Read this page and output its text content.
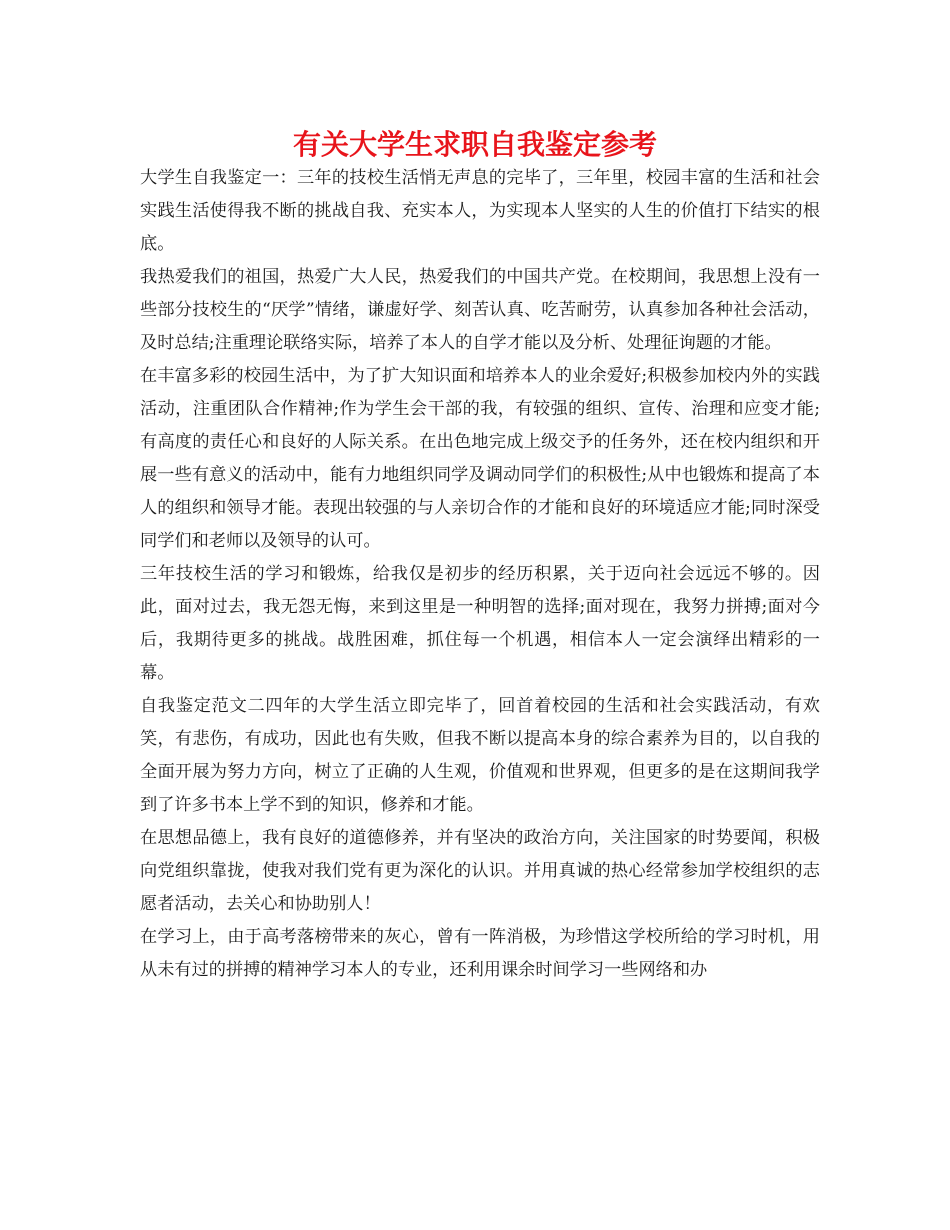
有关大学生求职自我鉴定参考

大学生自我鉴定一：三年的技校生活悄无声息的完毕了，三年里，校园丰富的生活和社会实践生活使得我不断的挑战自我、充实本人，为实现本人坚实的人生的价值打下结实的根底。

我热爱我们的祖国，热爱广大人民，热爱我们的中国共产党。在校期间，我思想上没有一些部分技校生的“厌学”情绪，谦虚好学、刻苦认真、吃苦耐劳，认真参加各种社会活动，及时总结;注重理论联络实际，培养了本人的自学才能以及分析、处理征询题的才能。

在丰富多彩的校园生活中，为了扩大知识面和培养本人的业余爱好;积极参加校内外的实践活动，注重团队合作精神;作为学生会干部的我，有较强的组织、宣传、治理和应变才能;有高度的责任心和良好的人际关系。在出色地完成上级交予的任务外，还在校内组织和开展一些有意义的活动中，能有力地组织同学及调动同学们的积极性;从中也锻炼和提高了本人的组织和领导才能。表现出较强的与人亲切合作的才能和良好的环境适应才能;同时深受同学们和老师以及领导的认可。

三年技校生活的学习和锻炼，给我仅是初步的经历积累，关于迈向社会远远不够的。因此，面对过去，我无怨无悔，来到这里是一种明智的选择;面对现在，我努力拼搏;面对今后，我期待更多的挑战。战胜困难，抓住每一个机遇，相信本人一定会演绎出精彩的一幕。

自我鉴定范文二四年的大学生活立即完毕了，回首着校园的生活和社会实践活动，有欢笑，有悲伤，有成功，因此也有失败，但我不断以提高本身的综合素养为目的，以自我的全面开展为努力方向，树立了正确的人生观，价值观和世界观，但更多的是在这期间我学到了许多书本上学不到的知识，修养和才能。

在思想品德上，我有良好的道德修养，并有坚决的政治方向，关注国家的时势要闻，积极向党组织靠拢，使我对我们党有更为深化的认识。并用真诚的热心经常参加学校组织的志愿者活动，去关心和协助别人！

在学习上，由于高考落榜带来的灰心，曾有一阵消极，为珍惜这学校所给的学习时机，用从未有过的拼搏的精神学习本人的专业，还利用课余时间学习一些网络和办
